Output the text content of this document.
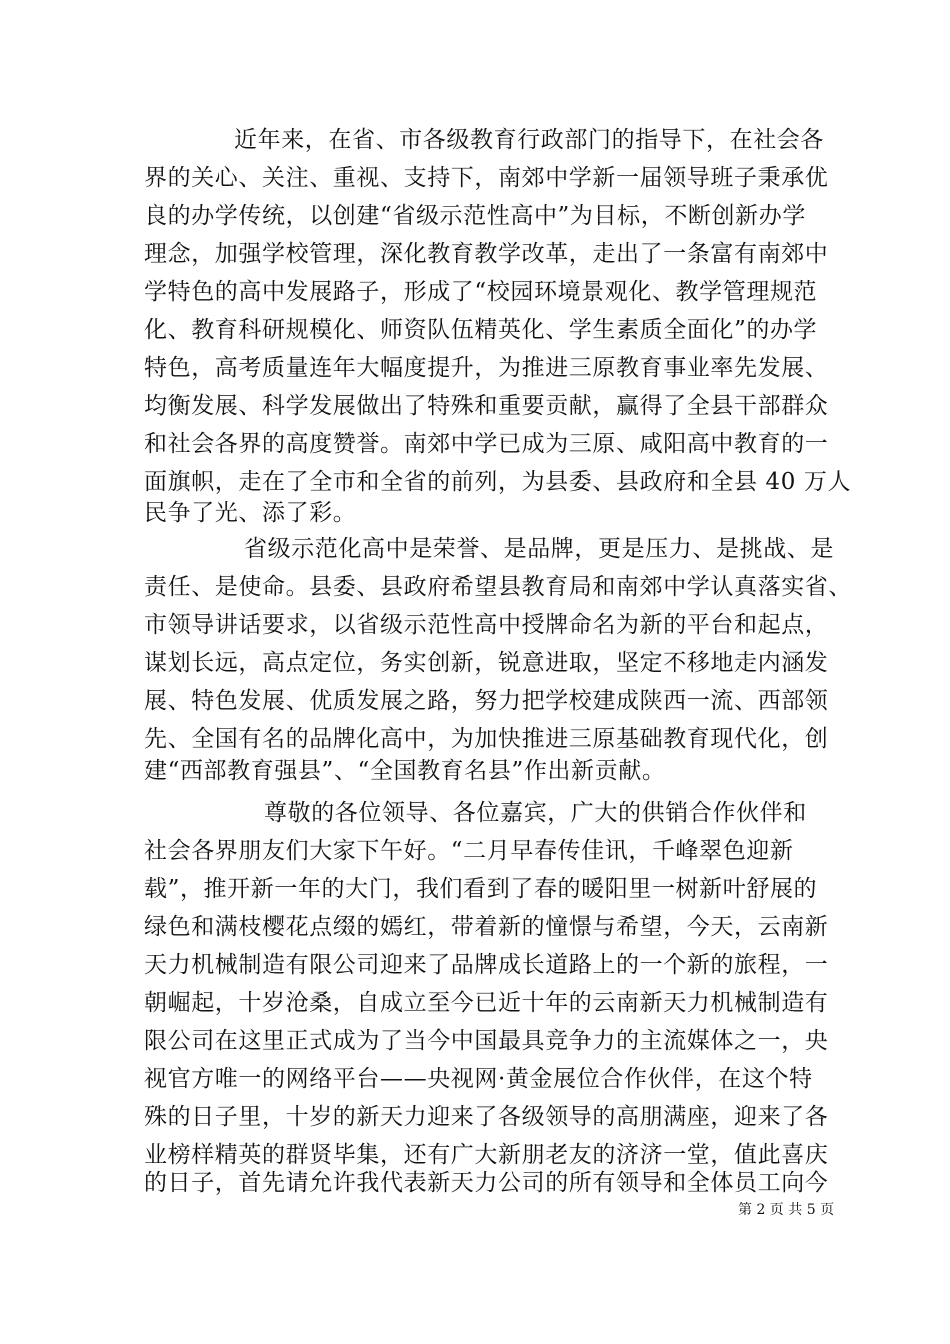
近年来，在省、市各级教育行政部门的指导下，在社会各
界的关心、关注、重视、支持下，南郊中学新一届领导班子秉承优
良的办学传统，以创建“省级示范性高中”为目标，不断创新办学
理念，加强学校管理，深化教育教学改革，走出了一条富有南郊中
学特色的高中发展路子，形成了“校园环境景观化、教学管理规范
化、教育科研规模化、师资队伍精英化、学生素质全面化”的办学
特色，高考质量连年大幅度提升，为推进三原教育事业率先发展、
均衡发展、科学发展做出了特殊和重要贡献，赢得了全县干部群众
和社会各界的高度赞誉。南郊中学已成为三原、咸阳高中教育的一
面旗帜，走在了全市和全省的前列，为县委、县政府和全县 40 万人
民争了光、添了彩。
省级示范化高中是荣誉、是品牌，更是压力、是挑战、是
责任、是使命。县委、县政府希望县教育局和南郊中学认真落实省、
市领导讲话要求，以省级示范性高中授牌命名为新的平台和起点，
谋划长远，高点定位，务实创新，锐意进取，坚定不移地走内涵发
展、特色发展、优质发展之路，努力把学校建成陕西一流、西部领
先、全国有名的品牌化高中，为加快推进三原基础教育现代化，创
建“西部教育强县”、“全国教育名县”作出新贡献。
尊敬的各位领导、各位嘉宾，广大的供销合作伙伴和
社会各界朋友们大家下午好。“二月早春传佳讯，千峰翠色迎新
载”，推开新一年的大门，我们看到了春的暖阳里一树新叶舒展的
绿色和满枝樱花点缀的嫣红，带着新的憧憬与希望，今天，云南新
天力机械制造有限公司迎来了品牌成长道路上的一个新的旅程，一
朝崛起，十岁沧桑，自成立至今已近十年的云南新天力机械制造有
限公司在这里正式成为了当今中国最具竞争力的主流媒体之一，央
视官方唯一的网络平台——央视网·黄金展位合作伙伴，在这个特
殊的日子里，十岁的新天力迎来了各级领导的高朋满座，迎来了各
业榜样精英的群贤毕集，还有广大新朋老友的济济一堂，值此喜庆
的日子，首先请允许我代表新天力公司的所有领导和全体员工向今
第 2 页 共 5 页
